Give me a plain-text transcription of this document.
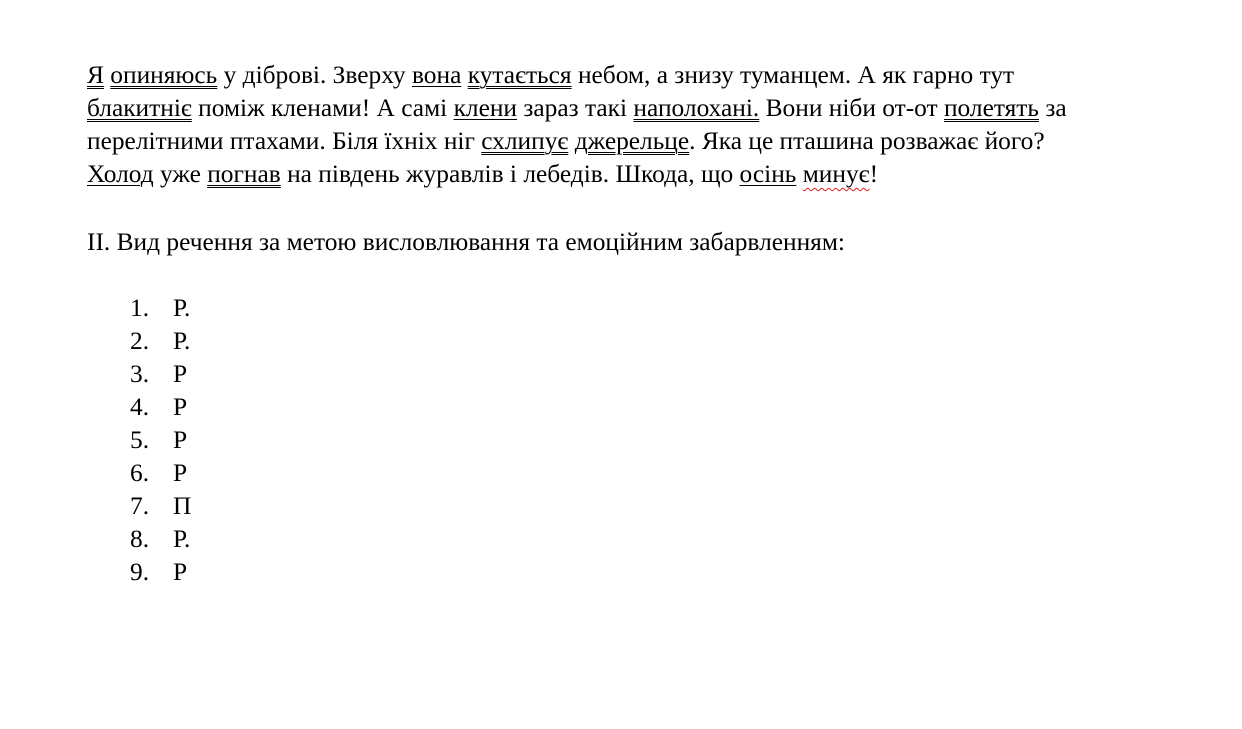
Я опиняюсь у діброві. Зверху вона кутається небом, а знизу туманцем. А як гарно тут
блакитніє поміж кленами! А самі клени зараз такі наполохані. Вони ніби от-от полетять за
перелітними птахами. Біля їхніх ніг схлипує джерельце. Яка це пташина розважає його?
Холод уже погнав на південь журавлів і лебедів. Шкода, що осінь минує!
II. Вид речення за метою висловлювання та емоційним забарвленням:
1. Р.
2. Р.
3. Р
4. Р
5. Р
6. Р
7. П
8. Р.
9. Р
